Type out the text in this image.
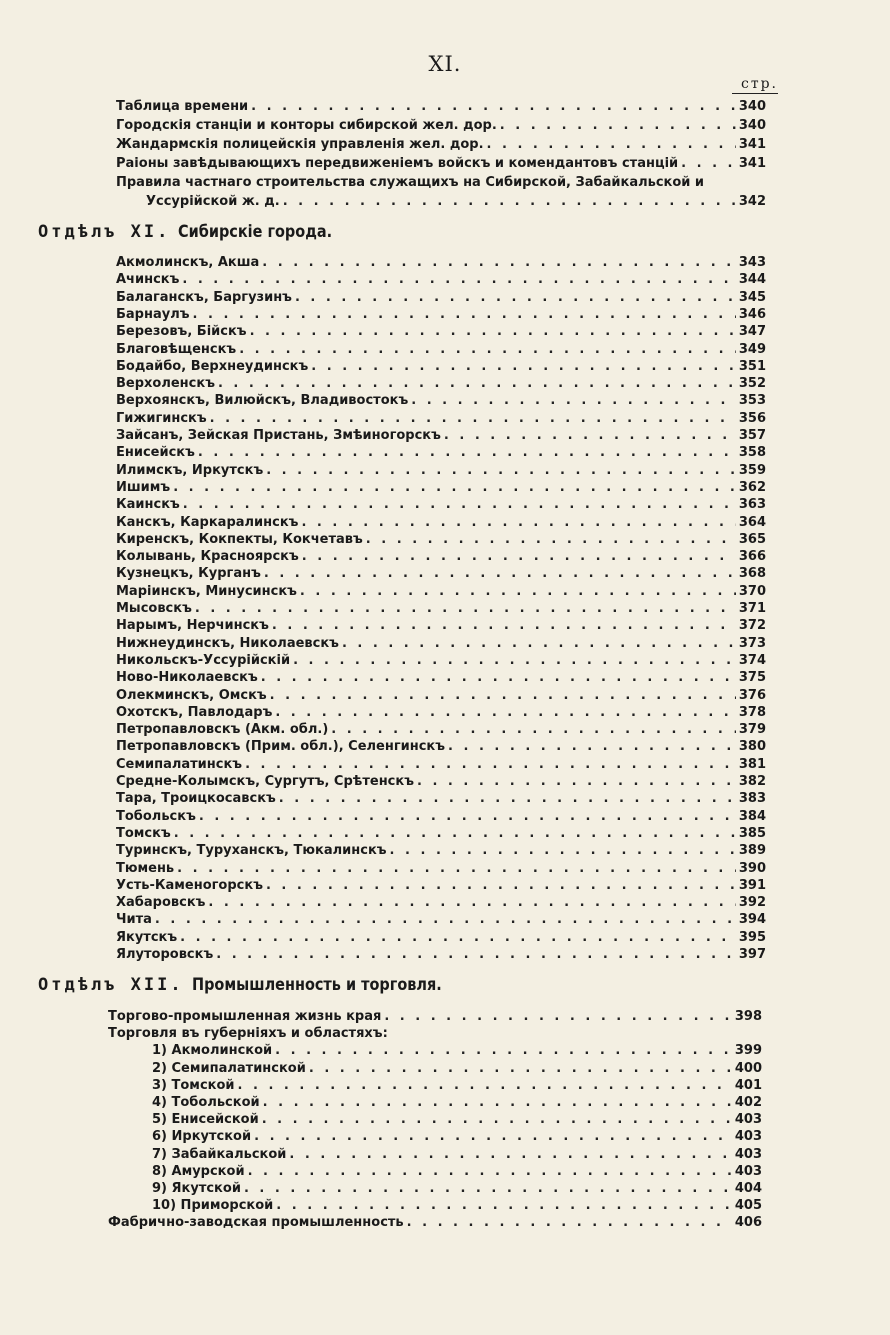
XI.
стр.
Таблица времени . . .	340
Городскія станціи и конторы сибирской жел. дор. . . .	340
Жандармскія полицейскія управленія жел. дор. . . .	341
Раіоны завѣдывающихъ передвиженіемъ войскъ и комендантовъ станцій . . .	341
Правила частнаго строительства служащихъ на Сибирской, Забайкальской и
Уссурійской ж. д. . . .	342
Отдѣлъ XI. Сибирскіе города.
Акмолинскъ, Акша . . .	343
Ачинскъ . . .	344
Балаганскъ, Баргузинъ . . .	345
Барнаулъ . . .	346
Березовъ, Бійскъ . . .	347
Благовѣщенскъ . . .	349
Бодайбо, Верхнеудинскъ . . .	351
Верхоленскъ . . .	352
Верхоянскъ, Вилюйскъ, Владивостокъ . . .	353
Гижигинскъ . . .	356
Зайсанъ, Зейская Пристань, Змѣиногорскъ . . .	357
Енисейскъ . . .	358
Илимскъ, Иркутскъ . . .	359
Ишимъ . . .	362
Каинскъ . . .	363
Канскъ, Каркаралинскъ . . .	364
Киренскъ, Кокпекты, Кокчетавъ . . .	365
Колывань, Красноярскъ . . .	366
Кузнецкъ, Курганъ . . .	368
Маріинскъ, Минусинскъ . . .	370
Мысовскъ . . .	371
Нарымъ, Нерчинскъ . . .	372
Нижнеудинскъ, Николаевскъ . . .	373
Никольскъ-Уссурійскій . . .	374
Ново-Николаевскъ . . .	375
Олекминскъ, Омскъ . . .	376
Охотскъ, Павлодаръ . . .	378
Петропавловскъ (Акм. обл.) . . .	379
Петропавловскъ (Прим. обл.), Селенгинскъ . . .	380
Семипалатинскъ . . .	381
Средне-Колымскъ, Сургутъ, Срѣтенскъ . . .	382
Тара, Троицкосавскъ . . .	383
Тобольскъ . . .	384
Томскъ . . .	385
Туринскъ, Туруханскъ, Тюкалинскъ . . .	389
Тюмень . . .	390
Усть-Каменогорскъ . . .	391
Хабаровскъ . . .	392
Чита . . .	394
Якутскъ . . .	395
Ялуторовскъ . . .	397
Отдѣлъ XII. Промышленность и торговля.
Торгово-промышленная жизнь края . . .	398
Торговля въ губерніяхъ и областяхъ:
1) Акмолинской . . .	399
2) Семипалатинской . . .	400
3) Томской . . .	401
4) Тобольской . . .	402
5) Енисейской . . .	403
6) Иркутской . . .	403
7) Забайкальской . . .	403
8) Амурской . . .	403
9) Якутской . . .	404
10) Приморской . . .	405
Фабрично-заводская промышленность . . .	406
